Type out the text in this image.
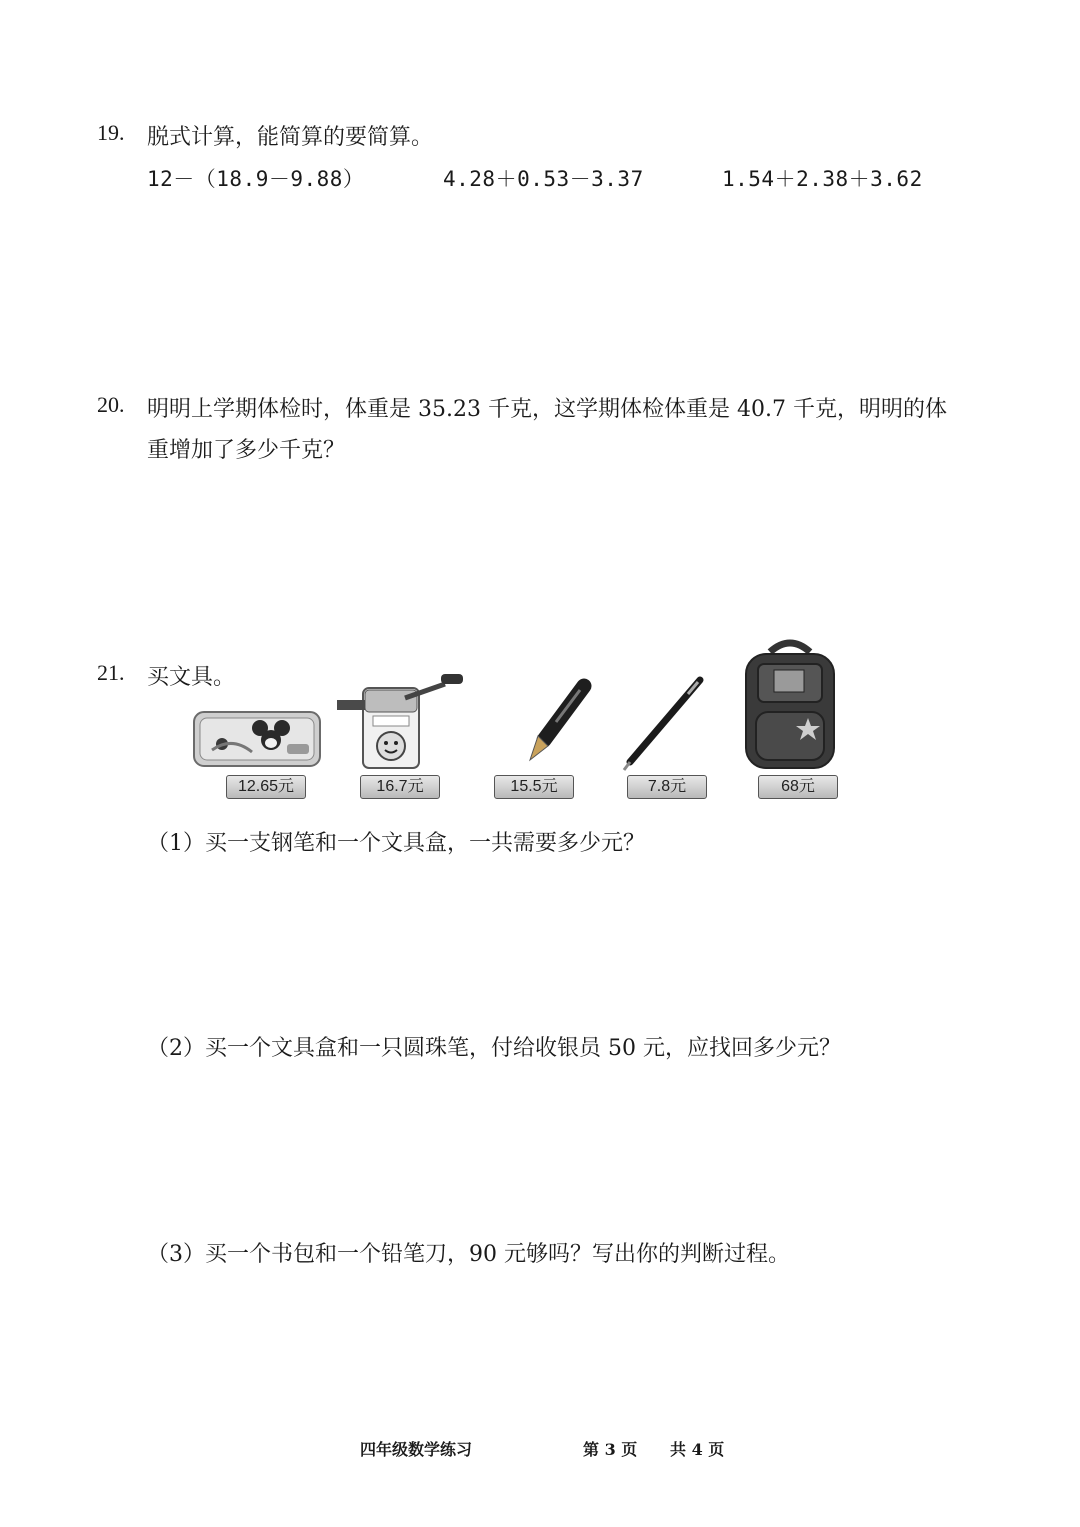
19. 脱式计算，能简算的要简算。
12－（18.9－9.88）	4.28＋0.53－3.37	1.54＋2.38＋3.62
20. 明明上学期体检时，体重是 35.23 千克，这学期体检体重是 40.7 千克，明明的体
重增加了多少千克？
21. 买文具。
12.65元	16.7元	15.5元	7.8元	68元
（1）买一支钢笔和一个文具盒，一共需要多少元？
（2）买一个文具盒和一只圆珠笔，付给收银员 50 元，应找回多少元？
（3）买一个书包和一个铅笔刀，90 元够吗？写出你的判断过程。
四年级数学练习	第 3 页 共 4 页
